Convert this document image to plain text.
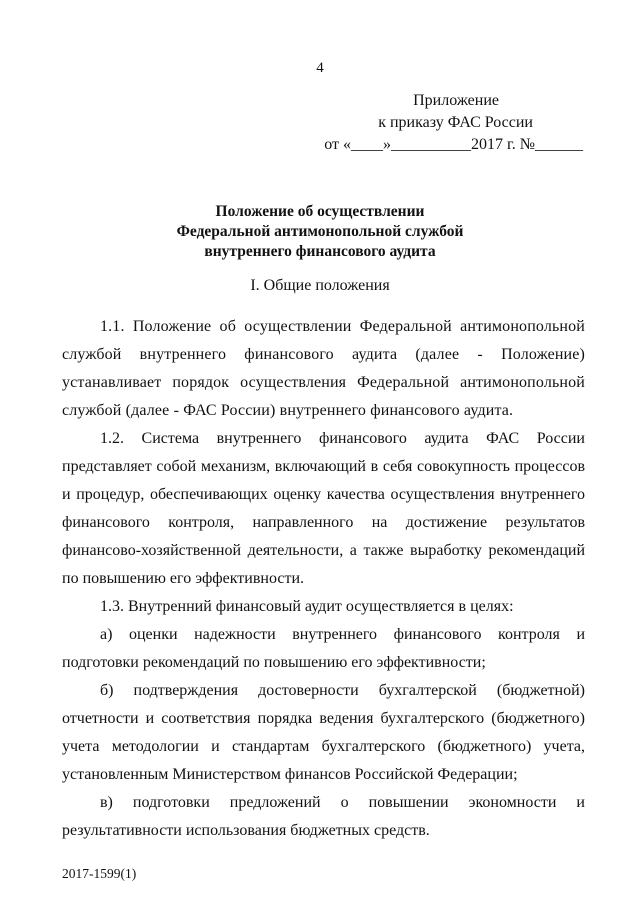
4
Приложение
к приказу ФАС России
от «____»__________2017 г. №______
Положение об осуществлении
Федеральной антимонопольной службой
внутреннего финансового аудита
I. Общие положения

1.1. Положение об осуществлении Федеральной антимонопольной службой внутреннего финансового аудита (далее - Положение) устанавливает порядок осуществления Федеральной антимонопольной службой (далее - ФАС России) внутреннего финансового аудита.

1.2. Система внутреннего финансового аудита ФАС России представляет собой механизм, включающий в себя совокупность процессов и процедур, обеспечивающих оценку качества осуществления внутреннего финансового контроля, направленного на достижение результатов финансово-хозяйственной деятельности, а также выработку рекомендаций по повышению его эффективности.

1.3. Внутренний финансовый аудит осуществляется в целях:

а) оценки надежности внутреннего финансового контроля и подготовки рекомендаций по повышению его эффективности;

б) подтверждения достоверности бухгалтерской (бюджетной) отчетности и соответствия порядка ведения бухгалтерского (бюджетного) учета методологии и стандартам бухгалтерского (бюджетного) учета, установленным Министерством финансов Российской Федерации;

в) подготовки предложений о повышении экономности и результативности использования бюджетных средств.

2017-1599(1)
